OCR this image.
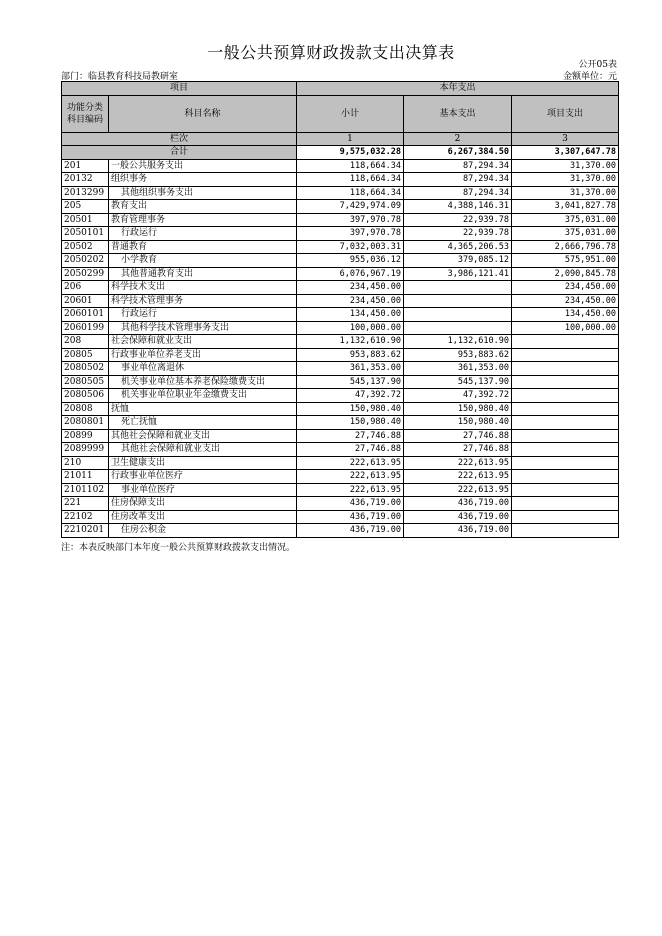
一般公共预算财政拨款支出决算表
公开05表
部门：临县教育科技局教研室	金额单位：元
项目		本年支出		
功能分类科目编码	科目名称	小计	基本支出	项目支出
栏次		1	2	3
合计		9,575,032.28	6,267,384.50	3,307,647.78
201	一般公共服务支出	118,664.34	87,294.34	31,370.00
20132	组织事务	118,664.34	87,294.34	31,370.00
2013299	其他组织事务支出	118,664.34	87,294.34	31,370.00
205	教育支出	7,429,974.09	4,388,146.31	3,041,827.78
20501	教育管理事务	397,970.78	22,939.78	375,031.00
2050101	行政运行	397,970.78	22,939.78	375,031.00
20502	普通教育	7,032,003.31	4,365,206.53	2,666,796.78
2050202	小学教育	955,036.12	379,085.12	575,951.00
2050299	其他普通教育支出	6,076,967.19	3,986,121.41	2,090,845.78
206	科学技术支出	234,450.00		234,450.00
20601	科学技术管理事务	234,450.00		234,450.00
2060101	行政运行	134,450.00		134,450.00
2060199	其他科学技术管理事务支出	100,000.00		100,000.00
208	社会保障和就业支出	1,132,610.90	1,132,610.90	
20805	行政事业单位养老支出	953,883.62	953,883.62	
2080502	事业单位离退休	361,353.00	361,353.00	
2080505	机关事业单位基本养老保险缴费支出	545,137.90	545,137.90	
2080506	机关事业单位职业年金缴费支出	47,392.72	47,392.72	
20808	抚恤	150,980.40	150,980.40	
2080801	死亡抚恤	150,980.40	150,980.40	
20899	其他社会保障和就业支出	27,746.88	27,746.88	
2089999	其他社会保障和就业支出	27,746.88	27,746.88	
210	卫生健康支出	222,613.95	222,613.95	
21011	行政事业单位医疗	222,613.95	222,613.95	
2101102	事业单位医疗	222,613.95	222,613.95	
221	住房保障支出	436,719.00	436,719.00	
22102	住房改革支出	436,719.00	436,719.00	
2210201	住房公积金	436,719.00	436,719.00	
注：本表反映部门本年度一般公共预算财政拨款支出情况。
